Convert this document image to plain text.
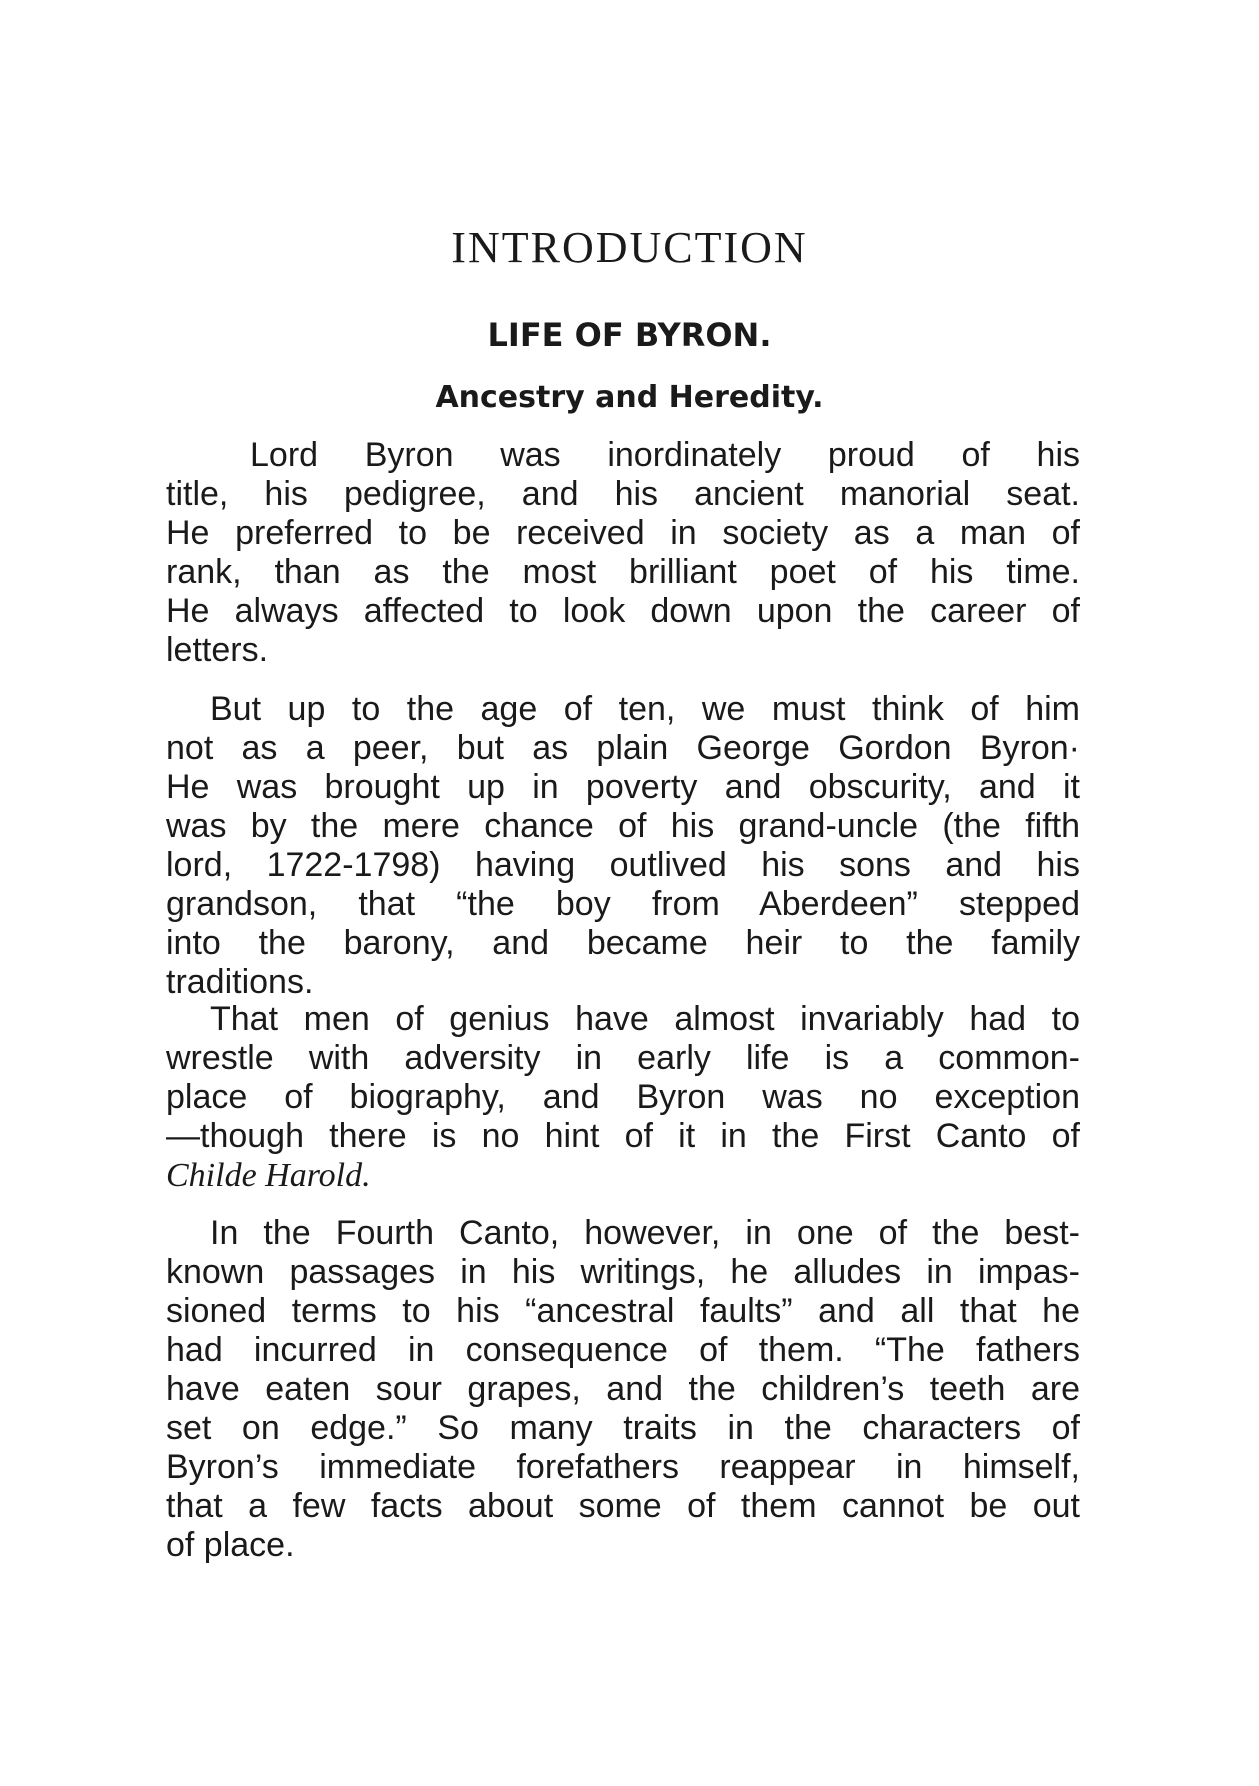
INTRODUCTION
LIFE OF BYRON.
Ancestry and Heredity.

Lord Byron was inordinately proud of his
title, his pedigree, and his ancient manorial seat.
He preferred to be received in society as a man of
rank, than as the most brilliant poet of his time.
He always affected to look down upon the career of
letters.

But up to the age of ten, we must think of him
not as a peer, but as plain George Gordon Byron·
He was brought up in poverty and obscurity, and it
was by the mere chance of his grand-uncle (the fifth
lord, 1722-1798) having outlived his sons and his
grandson, that “the boy from Aberdeen” stepped
into the barony, and became heir to the family
traditions.

That men of genius have almost invariably had to
wrestle with adversity in early life is a common-
place of biography, and Byron was no exception
—though there is no hint of it in the First Canto of
Childe Harold.

In the Fourth Canto, however, in one of the best-
known passages in his writings, he alludes in impas-
sioned terms to his “ancestral faults” and all that he
had incurred in consequence of them. “The fathers
have eaten sour grapes, and the children’s teeth are
set on edge.” So many traits in the characters of
Byron’s immediate forefathers reappear in himself,
that a few facts about some of them cannot be out
of place.
